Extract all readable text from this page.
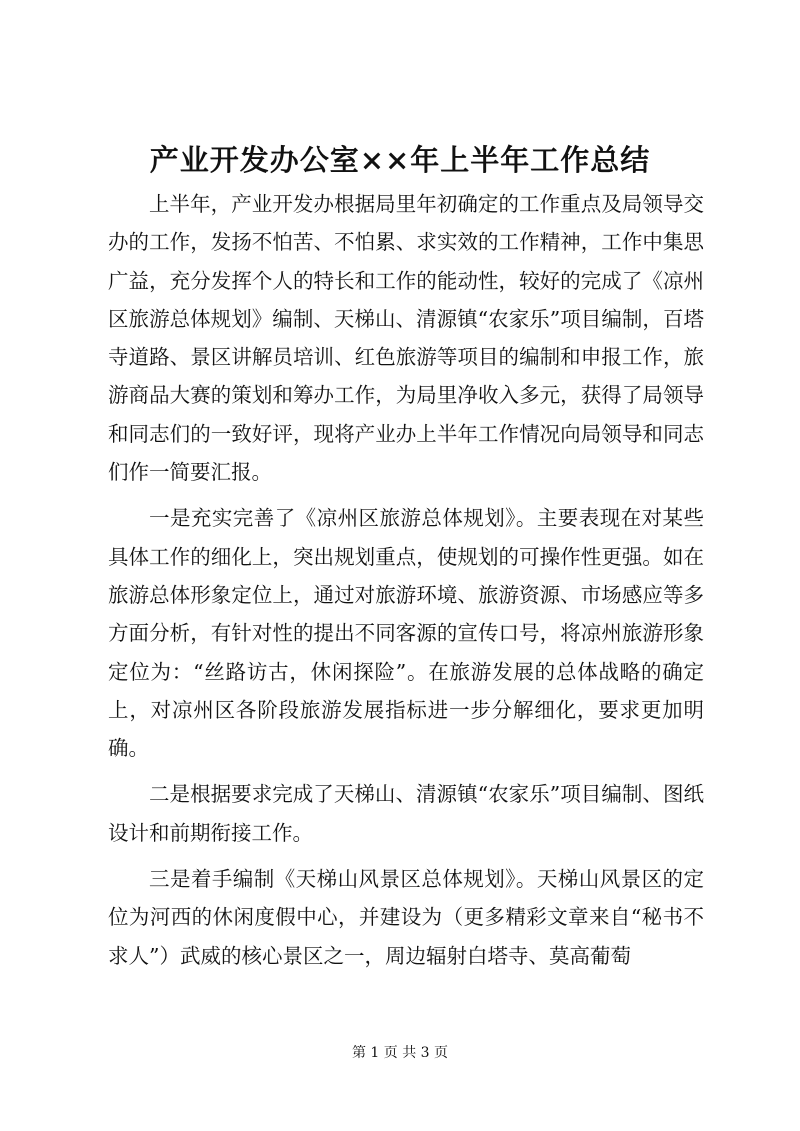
产业开发办公室××年上半年工作总结

上半年，产业开发办根据局里年初确定的工作重点及局领导交办的工作，发扬不怕苦、不怕累、求实效的工作精神，工作中集思广益，充分发挥个人的特长和工作的能动性，较好的完成了《凉州区旅游总体规划》编制、天梯山、清源镇“农家乐”项目编制，百塔寺道路、景区讲解员培训、红色旅游等项目的编制和申报工作，旅游商品大赛的策划和筹办工作，为局里净收入多元，获得了局领导和同志们的一致好评，现将产业办上半年工作情况向局领导和同志们作一简要汇报。

一是充实完善了《凉州区旅游总体规划》。主要表现在对某些具体工作的细化上，突出规划重点，使规划的可操作性更强。如在旅游总体形象定位上，通过对旅游环境、旅游资源、市场感应等多方面分析，有针对性的提出不同客源的宣传口号，将凉州旅游形象定位为：“丝路访古，休闲探险”。在旅游发展的总体战略的确定上，对凉州区各阶段旅游发展指标进一步分解细化，要求更加明确。

二是根据要求完成了天梯山、清源镇“农家乐”项目编制、图纸设计和前期衔接工作。

三是着手编制《天梯山风景区总体规划》。天梯山风景区的定位为河西的休闲度假中心，并建设为（更多精彩文章来自“秘书不求人”）武威的核心景区之一，周边辐射白塔寺、莫高葡萄

第 1 页 共 3 页
